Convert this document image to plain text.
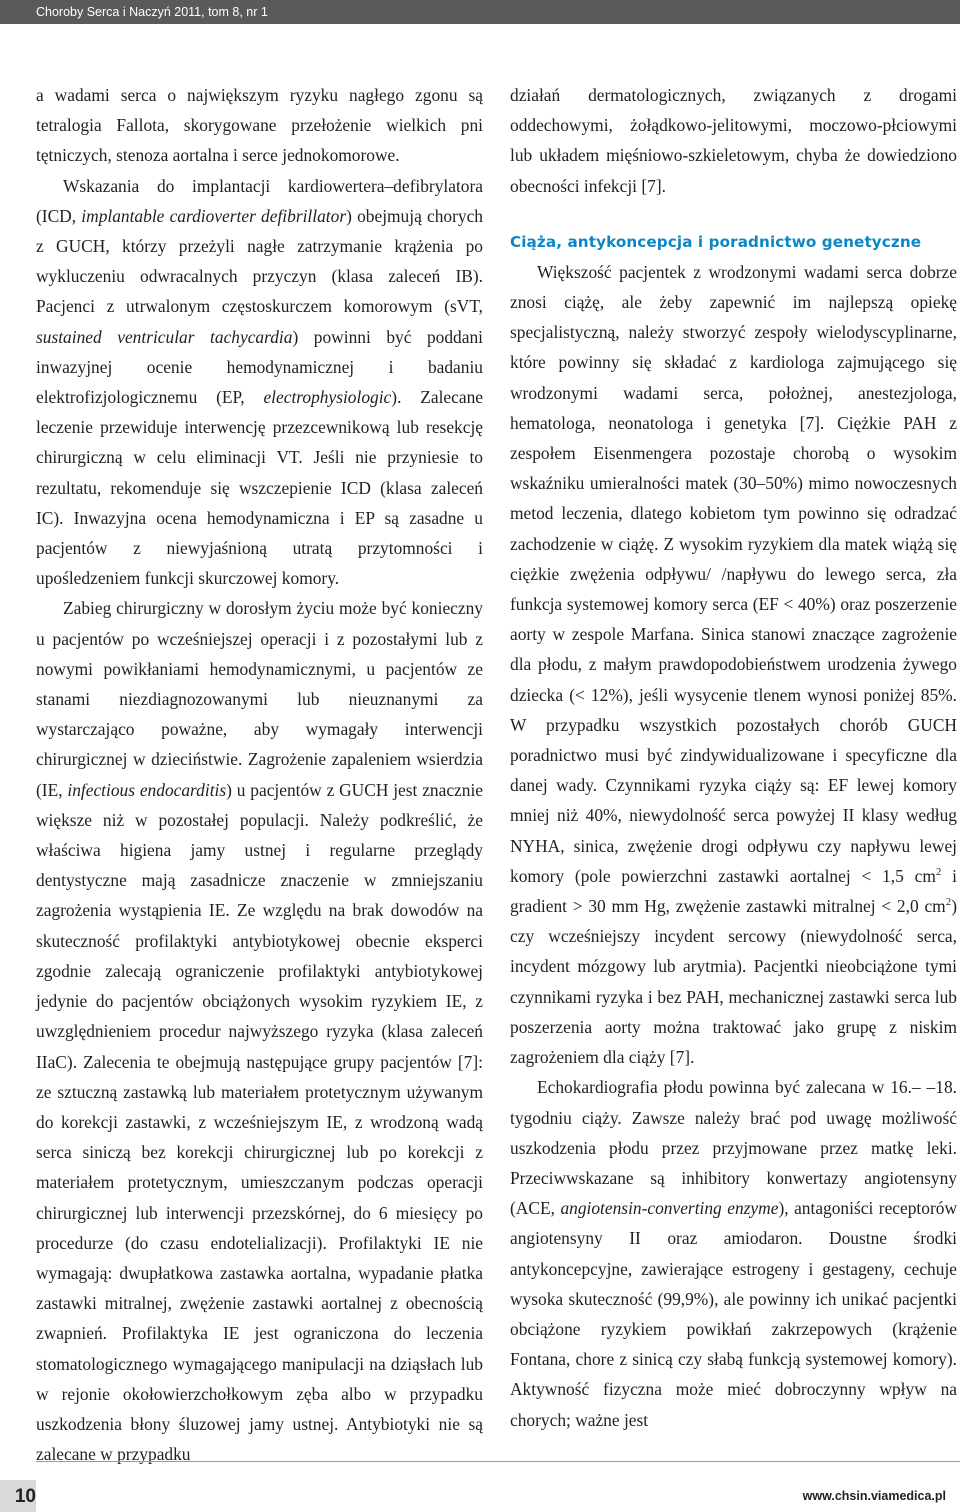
Choroby Serca i Naczyń 2011, tom 8, nr 1

a wadami serca o największym ryzyku nagłego zgonu są tetralogia Fallota, skorygowane przełożenie wielkich pni tętniczych, stenoza aortalna i serce jednokomorowe.

Wskazania do implantacji kardiowertera–defibrylatora (ICD, implantable cardioverter defibrillator) obejmują chorych z GUCH, którzy przeżyli nagłe zatrzymanie krążenia po wykluczeniu odwracalnych przyczyn (klasa zaleceń IB). Pacjenci z utrwalonym częstoskurczem komorowym (sVT, sustained ventricular tachycardia) powinni być poddani inwazyjnej ocenie hemodynamicznej i badaniu elektrofizjologicznemu (EP, electrophysiologic). Zalecane leczenie przewiduje interwencję przezcewnikową lub resekcję chirurgiczną w celu eliminacji VT. Jeśli nie przyniesie to rezultatu, rekomenduje się wszczepienie ICD (klasa zaleceń IC). Inwazyjna ocena hemodynamiczna i EP są zasadne u pacjentów z niewyjaśnioną utratą przytomności i upośledzeniem funkcji skurczowej komory.

Zabieg chirurgiczny w dorosłym życiu może być konieczny u pacjentów po wcześniejszej operacji i z pozostałymi lub z nowymi powikłaniami hemodynamicznymi, u pacjentów ze stanami niezdiagnozowanymi lub nieuznanymi za wystarczająco poważne, aby wymagały interwencji chirurgicznej w dzieciństwie. Zagrożenie zapaleniem wsierdzia (IE, infectious endocarditis) u pacjentów z GUCH jest znacznie większe niż w pozostałej populacji. Należy podkreślić, że właściwa higiena jamy ustnej i regularne przeglądy dentystyczne mają zasadnicze znaczenie w zmniejszaniu zagrożenia wystąpienia IE. Ze względu na brak dowodów na skuteczność profilaktyki antybiotykowej obecnie eksperci zgodnie zalecają ograniczenie profilaktyki antybiotykowej jedynie do pacjentów obciążonych wysokim ryzykiem IE, z uwzględnieniem procedur najwyższego ryzyka (klasa zaleceń IIaC). Zalecenia te obejmują następujące grupy pacjentów [7]: ze sztuczną zastawką lub materiałem protetycznym używanym do korekcji zastawki, z wcześniejszym IE, z wrodzoną wadą serca siniczą bez korekcji chirurgicznej lub po korekcji z materiałem protetycznym, umieszczanym podczas operacji chirurgicznej lub interwencji przezskórnej, do 6 miesięcy po procedurze (do czasu endotelializacji). Profilaktyki IE nie wymagają: dwupłatkowa zastawka aortalna, wypadanie płatka zastawki mitralnej, zwężenie zastawki aortalnej z obecnością zwapnień. Profilaktyka IE jest ograniczona do leczenia stomatologicznego wymagającego manipulacji na dziąsłach lub w rejonie okołowierzchołkowym zęba albo w przypadku uszkodzenia błony śluzowej jamy ustnej. Antybiotyki nie są zalecane w przypadku

działań dermatologicznych, związanych z drogami oddechowymi, żołądkowo-jelitowymi, moczowo-płciowymi lub układem mięśniowo-szkieletowym, chyba że dowiedziono obecności infekcji [7].

Ciąża, antykoncepcja i poradnictwo genetyczne

Większość pacjentek z wrodzonymi wadami serca dobrze znosi ciążę, ale żeby zapewnić im najlepszą opiekę specjalistyczną, należy stworzyć zespoły wielodyscyplinarne, które powinny się składać z kardiologa zajmującego się wrodzonymi wadami serca, położnej, anestezjologa, hematologa, neonatologa i genetyka [7]. Ciężkie PAH z zespołem Eisenmengera pozostaje chorobą o wysokim wskaźniku umieralności matek (30–50%) mimo nowoczesnych metod leczenia, dlatego kobietom tym powinno się odradzać zachodzenie w ciążę. Z wysokim ryzykiem dla matek wiążą się ciężkie zwężenia odpływu/ /napływu do lewego serca, zła funkcja systemowej komory serca (EF < 40%) oraz poszerzenie aorty w zespole Marfana. Sinica stanowi znaczące zagrożenie dla płodu, z małym prawdopodobieństwem urodzenia żywego dziecka (< 12%), jeśli wysycenie tlenem wynosi poniżej 85%. W przypadku wszystkich pozostałych chorób GUCH poradnictwo musi być zindywidualizowane i specyficzne dla danej wady. Czynnikami ryzyka ciąży są: EF lewej komory mniej niż 40%, niewydolność serca powyżej II klasy według NYHA, sinica, zwężenie drogi odpływu czy napływu lewej komory (pole powierzchni zastawki aortalnej < 1,5 $cm^2$ i gradient > 30 mm Hg, zwężenie zastawki mitralnej < 2,0 $cm^2$) czy wcześniejszy incydent sercowy (niewydolność serca, incydent mózgowy lub arytmia). Pacjentki nieobciążone tymi czynnikami ryzyka i bez PAH, mechanicznej zastawki serca lub poszerzenia aorty można traktować jako grupę z niskim zagrożeniem dla ciąży [7].

Echokardiografia płodu powinna być zalecana w 16.– –18. tygodniu ciąży. Zawsze należy brać pod uwagę możliwość uszkodzenia płodu przez przyjmowane przez matkę leki. Przeciwwskazane są inhibitory konwertazy angiotensyny (ACE, angiotensin-converting enzyme), antagoniści receptorów angiotensyny II oraz amiodaron. Doustne środki antykoncepcyjne, zawierające estrogeny i gestageny, cechuje wysoka skuteczność (99,9%), ale powinny ich unikać pacjentki obciążone ryzykiem powikłań zakrzepowych (krążenie Fontana, chore z sinicą czy słabą funkcją systemowej komory). Aktywność fizyczna może mieć dobroczynny wpływ na chorych; ważne jest

10	www.chsin.viamedica.pl
